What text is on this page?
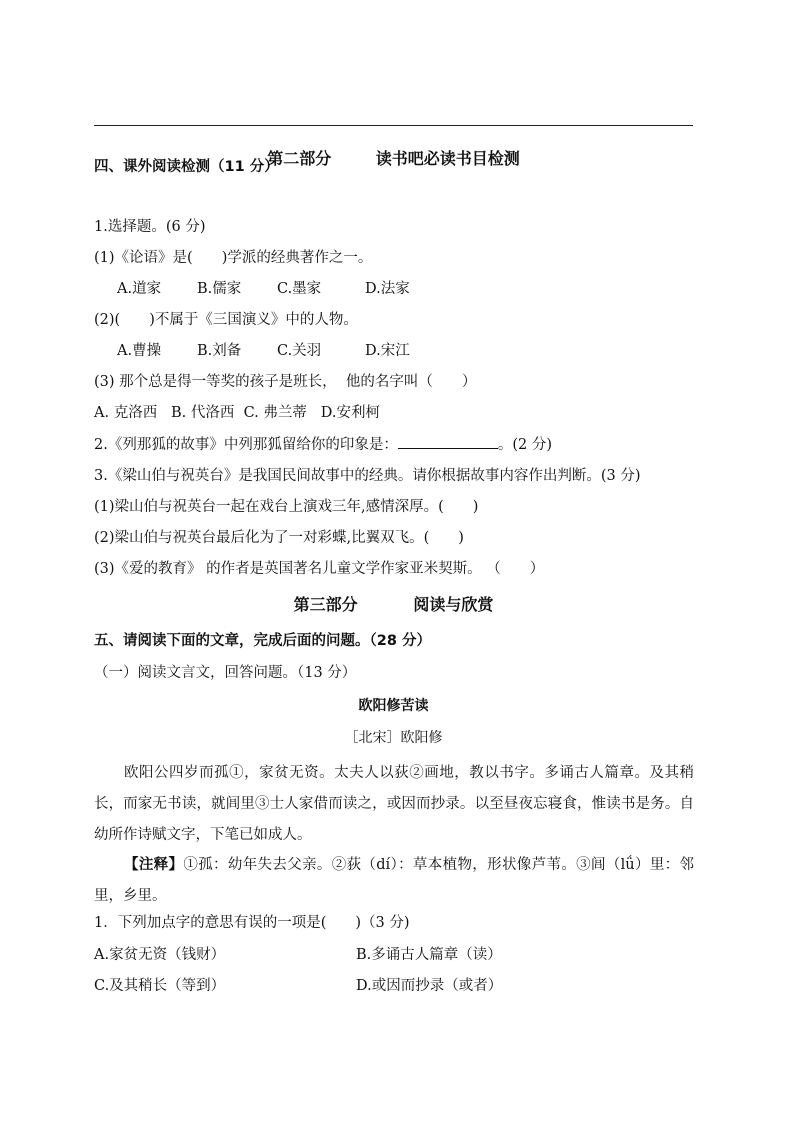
第二部分	读书吧必读书目检测
四、课外阅读检测（11 分）
1.选择题。(6 分)
(1)《论语》是(　　)学派的经典著作之一。
A.道家 B.儒家 C.墨家	D.法家
(2)(　　)不属于《三国演义》中的人物。
A.曹操 B.刘备 C.关羽	D.宋江
(3) 那个总是得一等奖的孩子是班长，  他的名字叫（　　）
A. 克洛西   B. 代洛西  C. 弗兰蒂   D.安利柯
2.《列那狐的故事》中列那狐留给你的印象是：	。(2 分)
3.《梁山伯与祝英台》是我国民间故事中的经典。请你根据故事内容作出判断。(3 分)
(1)梁山伯与祝英台一起在戏台上演戏三年,感情深厚。(　　)
(2)梁山伯与祝英台最后化为了一对彩蝶,比翼双飞。(　　)
(3)《爱的教育》 的作者是英国著名儿童文学作家亚米契斯。 （　　）
第三部分	阅读与欣赏
五、请阅读下面的文章，完成后面的问题。（28 分）
（一）阅读文言文，回答问题。（13 分）
欧阳修苦读
［北宋］欧阳修
欧阳公四岁而孤①，家贫无资。太夫人以荻②画地，教以书字。多诵古人篇章。及其稍长，而家无书读，就闾里③士人家借而读之，或因而抄录。以至昼夜忘寝食，惟读书是务。自幼所作诗赋文字，下笔已如成人。
【注释】①孤：幼年失去父亲。②荻（dí）：草本植物，形状像芦苇。③闾（lǘ）里：邻里，乡里。
1．下列加点字的意思有误的一项是(　　)（3 分)
A.家贫无资（钱财）	B.多诵古人篇章（读）
C.及其稍长（等到）	D.或因而抄录（或者）
